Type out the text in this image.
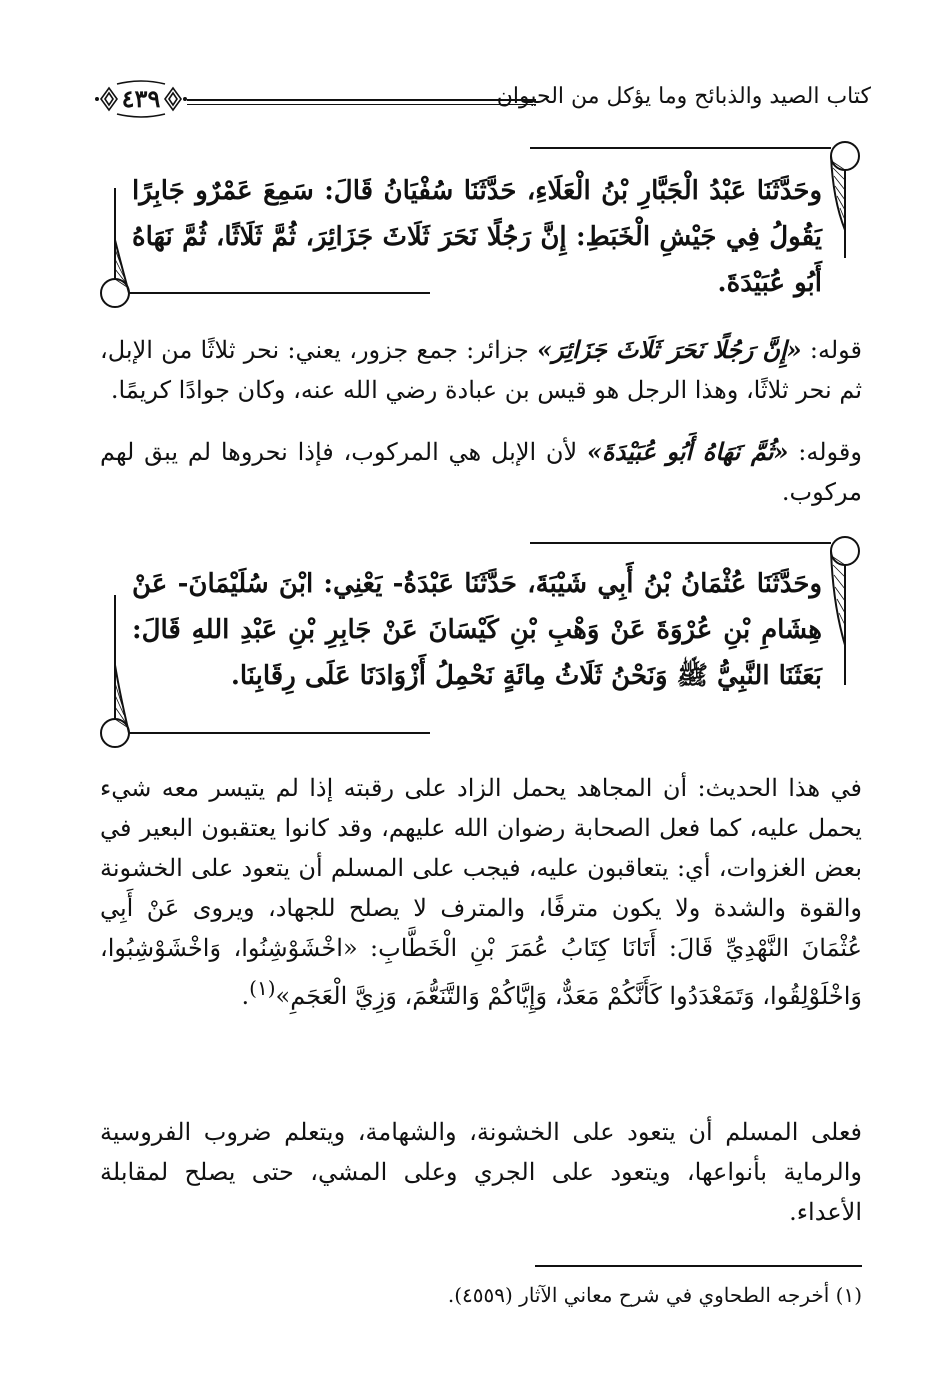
كتاب الصيد والذبائح وما يؤكل من الحيوان
٤٣٩
وحَدَّثَنَا عَبْدُ الْجَبَّارِ بْنُ الْعَلَاءِ، حَدَّثَنَا سُفْيَانُ قَالَ: سَمِعَ عَمْرٌو جَابِرًا يَقُولُ فِي جَيْشِ الْخَبَطِ: إِنَّ رَجُلًا نَحَرَ ثَلَاثَ جَزَائِرَ، ثُمَّ ثَلَاثًا، ثُمَّ نَهَاهُ أَبُو عُبَيْدَةَ.
قوله: «إِنَّ رَجُلًا نَحَرَ ثَلَاثَ جَزَائِرَ» جزائر: جمع جزور، يعني: نحر ثلاثًا من الإبل، ثم نحر ثلاثًا، وهذا الرجل هو قيس بن عبادة رضي الله عنه، وكان جوادًا كريمًا.
وقوله: «ثُمَّ نَهَاهُ أَبُو عُبَيْدَةَ» لأن الإبل هي المركوب، فإذا نحروها لم يبق لهم مركوب.
وحَدَّثَنَا عُثْمَانُ بْنُ أَبِي شَيْبَةَ، حَدَّثَنَا عَبْدَةُ- يَعْنِي: ابْنَ سُلَيْمَانَ- عَنْ هِشَامِ بْنِ عُرْوَةَ عَنْ وَهْبِ بْنِ كَيْسَانَ عَنْ جَابِرِ بْنِ عَبْدِ اللهِ قَالَ: بَعَثَنَا النَّبِيُّ ﷺ وَنَحْنُ ثَلَاثُ مِائَةٍ نَحْمِلُ أَزْوَادَنَا عَلَى رِقَابِنَا.
في هذا الحديث: أن المجاهد يحمل الزاد على رقبته إذا لم يتيسر معه شيء يحمل عليه، كما فعل الصحابة رضوان الله عليهم، وقد كانوا يعتقبون البعير في بعض الغزوات، أي: يتعاقبون عليه، فيجب على المسلم أن يتعود على الخشونة والقوة والشدة ولا يكون مترفًا، والمترف لا يصلح للجهاد، ويروى عَنْ أَبِي عُثْمَانَ النَّهْدِيِّ قَالَ: أَتَانَا كِتَابُ عُمَرَ بْنِ الْخَطَّابِ: «اخْشَوْشِنُوا، وَاخْشَوْشِبُوا، وَاخْلَوْلِقُوا، وَتَمَعْدَدُوا كَأَنَّكُمْ مَعَدٌّ، وَإِيَّاكُمْ وَالتَّنَعُّمَ، وَزِيَّ الْعَجَمِ»$^{(١)}$.
فعلى المسلم أن يتعود على الخشونة، والشهامة، ويتعلم ضروب الفروسية والرماية بأنواعها، ويتعود على الجري وعلى المشي، حتى يصلح لمقابلة الأعداء.
(١) أخرجه الطحاوي في شرح معاني الآثار (٤٥٥٩).
